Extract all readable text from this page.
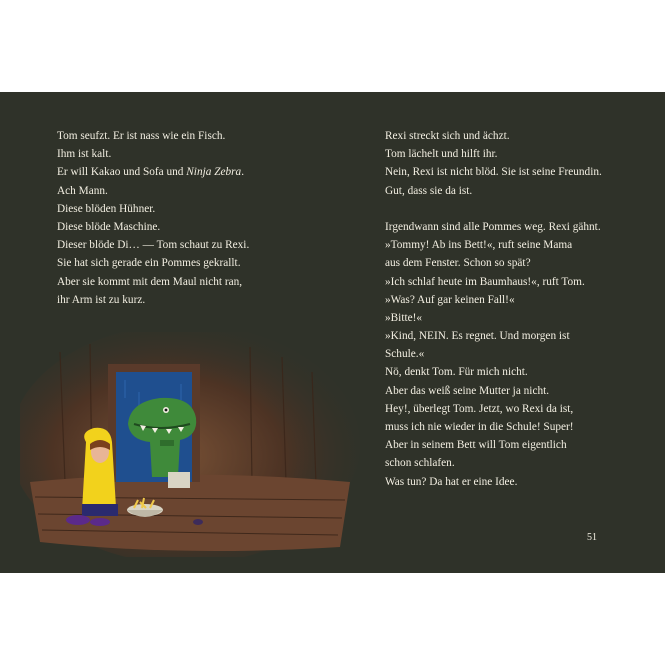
Tom seufzt. Er ist nass wie ein Fisch.
Ihm ist kalt.
Er will Kakao und Sofa und Ninja Zebra.
Ach Mann.
Diese blöden Hühner.
Diese blöde Maschine.
Dieser blöde Di… — Tom schaut zu Rexi.
Sie hat sich gerade ein Pommes gekrallt.
Aber sie kommt mit dem Maul nicht ran,
ihr Arm ist zu kurz.
Rexi streckt sich und ächzt.
Tom lächelt und hilft ihr.
Nein, Rexi ist nicht blöd. Sie ist seine Freundin.
Gut, dass sie da ist.
Irgendwann sind alle Pommes weg. Rexi gähnt.
»Tommy! Ab ins Bett!«, ruft seine Mama
aus dem Fenster. Schon so spät?
»Ich schlaf heute im Baumhaus!«, ruft Tom.
»Was? Auf gar keinen Fall!«
»Bitte!«
»Kind, NEIN. Es regnet. Und morgen ist
Schule.«
Nö, denkt Tom. Für mich nicht.
Aber das weiß seine Mutter ja nicht.
Hey!, überlegt Tom. Jetzt, wo Rexi da ist,
muss ich nie wieder in die Schule! Super!
Aber in seinem Bett will Tom eigentlich
schon schlafen.
Was tun? Da hat er eine Idee.
51
